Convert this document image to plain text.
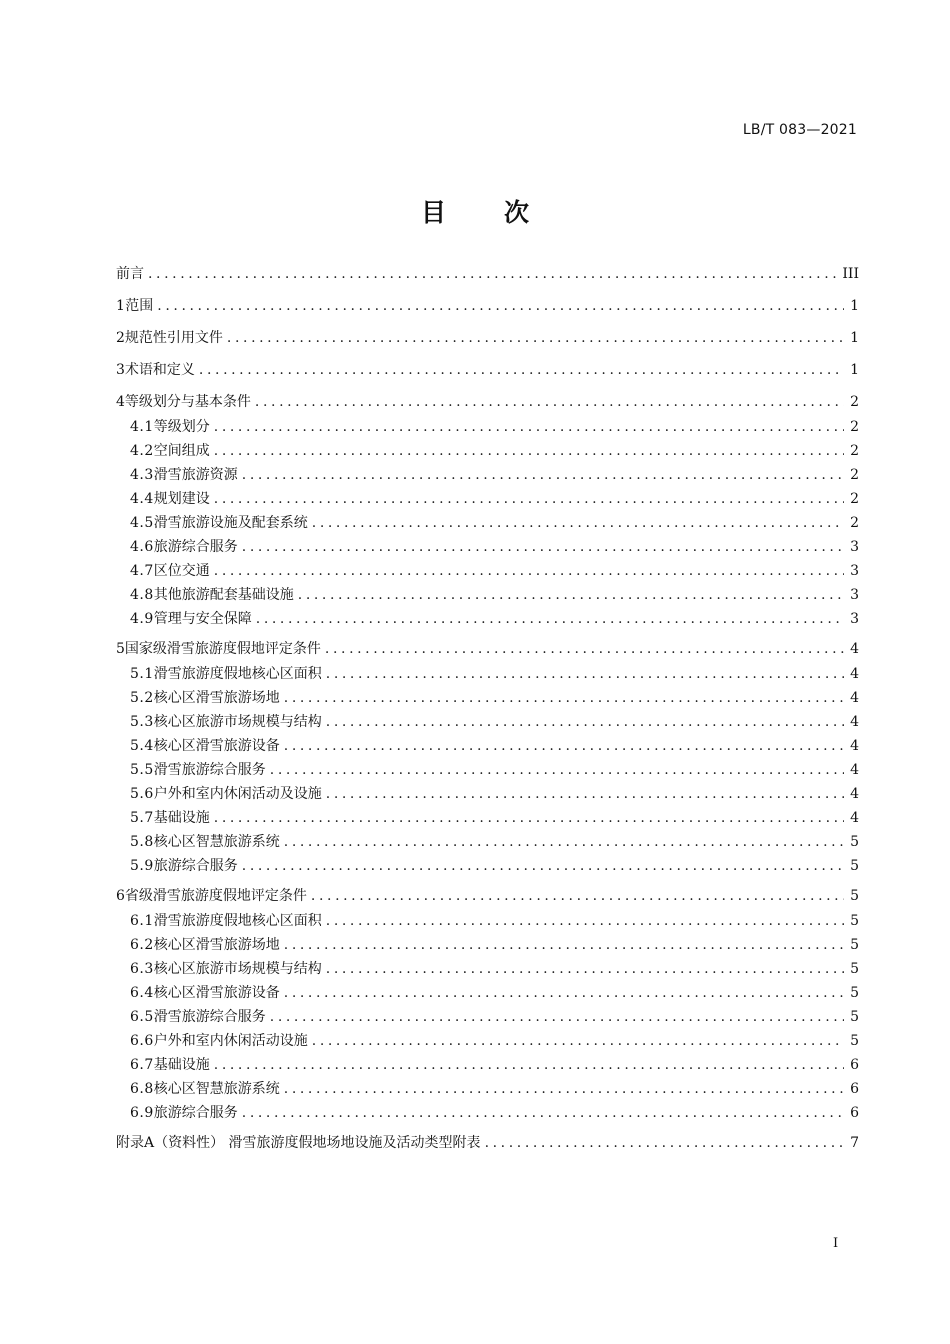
LB/T 083—2021
目 次
前言 .....	III
1 范围 .....	1
2 规范性引用文件 .....	1
3 术语和定义 .....	1
4 等级划分与基本条件 .....	2
4.1 等级划分 .....	2
4.2 空间组成 .....	2
4.3 滑雪旅游资源 .....	2
4.4 规划建设 .....	2
4.5 滑雪旅游设施及配套系统 .....	2
4.6 旅游综合服务 .....	3
4.7 区位交通 .....	3
4.8 其他旅游配套基础设施 .....	3
4.9 管理与安全保障 .....	3
5 国家级滑雪旅游度假地评定条件 .....	4
5.1 滑雪旅游度假地核心区面积 .....	4
5.2 核心区滑雪旅游场地 .....	4
5.3 核心区旅游市场规模与结构 .....	4
5.4 核心区滑雪旅游设备 .....	4
5.5 滑雪旅游综合服务 .....	4
5.6 户外和室内休闲活动及设施 .....	4
5.7 基础设施 .....	4
5.8 核心区智慧旅游系统 .....	5
5.9 旅游综合服务 .....	5
6 省级滑雪旅游度假地评定条件 .....	5
6.1 滑雪旅游度假地核心区面积 .....	5
6.2 核心区滑雪旅游场地 .....	5
6.3 核心区旅游市场规模与结构 .....	5
6.4 核心区滑雪旅游设备 .....	5
6.5 滑雪旅游综合服务 .....	5
6.6 户外和室内休闲活动设施 .....	5
6.7 基础设施 .....	6
6.8 核心区智慧旅游系统 .....	6
6.9 旅游综合服务 .....	6
附录A（资料性） 滑雪旅游度假地场地设施及活动类型附表 .....	7
I
